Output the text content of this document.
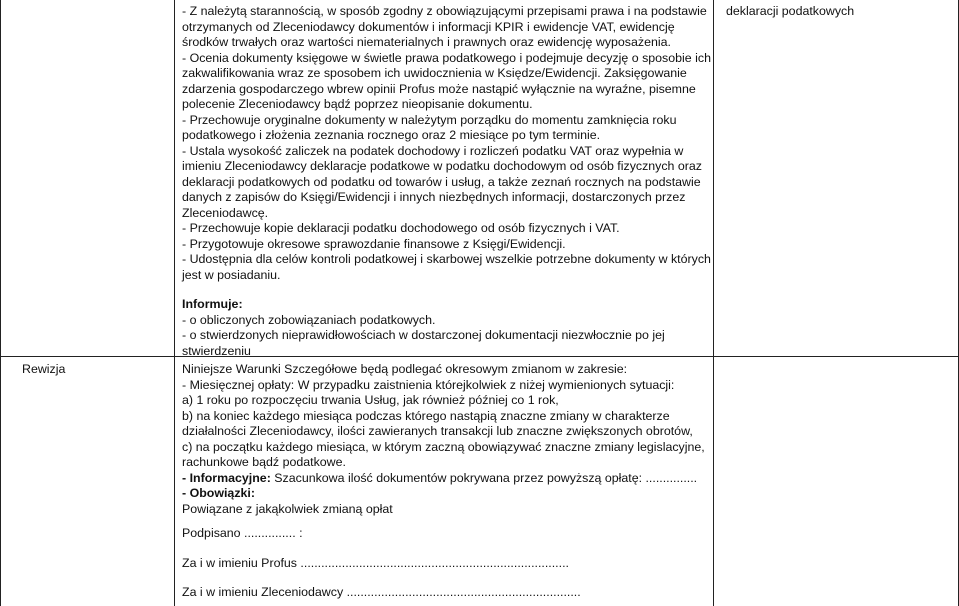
deklaracji podatkowych
Rewizja

- Z należytą starannością, w sposób zgodny z obowiązującymi przepisami prawa i na podstawie

otrzymanych od Zleceniodawcy dokumentów i informacji KPIR i ewidencje VAT, ewidencję

środków trwałych oraz wartości niematerialnych i prawnych oraz ewidencję wyposażenia.

- Ocenia dokumenty księgowe w świetle prawa podatkowego i podejmuje decyzję o sposobie ich

zakwalifikowania wraz ze sposobem ich uwidocznienia w Księdze/Ewidencji. Zaksięgowanie

zdarzenia gospodarczego wbrew opinii Profus może nastąpić wyłącznie na wyraźne, pisemne

polecenie Zleceniodawcy bądź poprzez nieopisanie dokumentu.

- Przechowuje oryginalne dokumenty w należytym porządku do momentu zamknięcia roku

podatkowego i złożenia zeznania rocznego oraz 2 miesiące po tym terminie.

- Ustala wysokość zaliczek na podatek dochodowy i rozliczeń podatku VAT oraz wypełnia w

imieniu Zleceniodawcy deklaracje podatkowe w podatku dochodowym od osób fizycznych oraz

deklaracji podatkowych od podatku od towarów i usług, a także zeznań rocznych na podstawie

danych z zapisów do Księgi/Ewidencji i innych niezbędnych informacji, dostarczonych przez

Zleceniodawcę.

- Przechowuje kopie deklaracji podatku dochodowego od osób fizycznych i VAT.

- Przygotowuje okresowe sprawozdanie finansowe z Księgi/Ewidencji.

- Udostępnia dla celów kontroli podatkowej i skarbowej wszelkie potrzebne dokumenty w których

jest w posiadaniu.

Informuje:

- o obliczonych zobowiązaniach podatkowych.

- o stwierdzonych nieprawidłowościach w dostarczonej dokumentacji niezwłocznie po jej

stwierdzeniu

Niniejsze Warunki Szczegółowe będą podlegać okresowym zmianom w zakresie:

- Miesięcznej opłaty: W przypadku zaistnienia którejkolwiek z niżej wymienionych sytuacji:

a) 1 roku po rozpoczęciu trwania Usług, jak również później co 1 rok,

b) na koniec każdego miesiąca podczas którego nastąpią znaczne zmiany w charakterze

działalności Zleceniodawcy, ilości zawieranych transakcji lub znaczne zwiększonych obrotów,

c) na początku każdego miesiąca, w którym zaczną obowiązywać znaczne zmiany legislacyjne,

rachunkowe bądź podatkowe.

- Informacyjne: Szacunkowa ilość dokumentów pokrywana przez powyższą opłatę: ...............

- Obowiązki:

Powiązane z jakąkolwiek zmianą opłat

Podpisano ............... :

Za i w imieniu Profus ..............................................................................

Za i w imieniu Zleceniodawcy ....................................................................
